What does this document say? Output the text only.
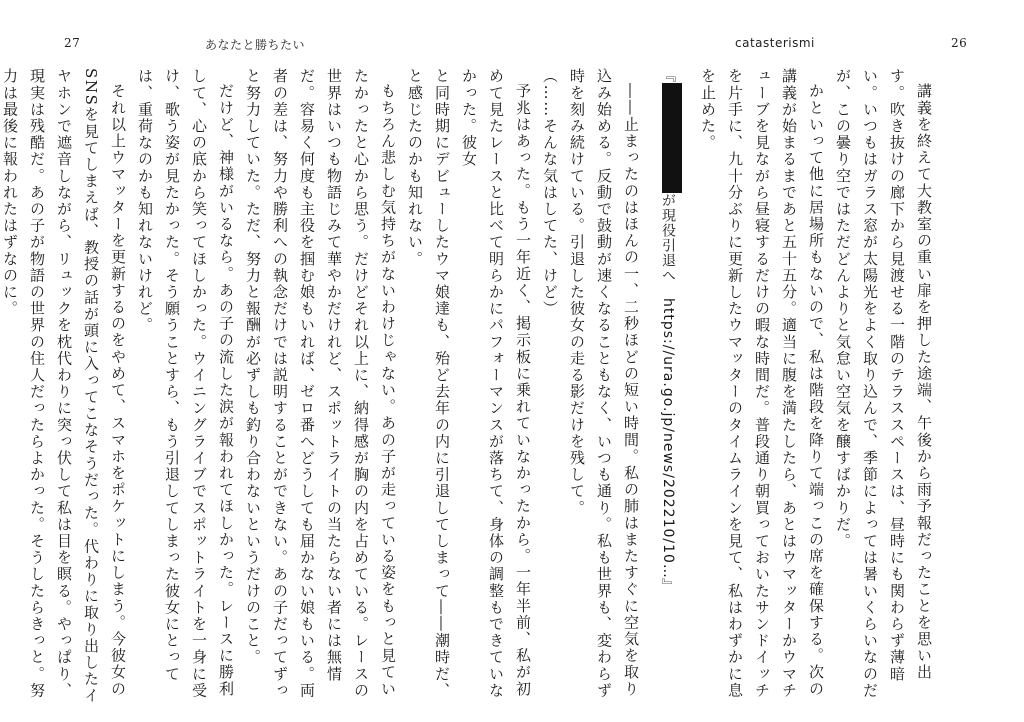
27	あなたと勝ちたい	catasterismi	26

講義を終えて大教室の重い扉を押した途端、午後から雨予報だったことを思い出す。吹き抜けの廊下から見渡せる一階のテラススペースは、昼時にも関わらず薄暗い。いつもはガラス窓が太陽光をよく取り込んで、季節によっては暑いくらいなのだが、この曇り空ではただどんよりと気怠い空気を醸すばかりだ。

かといって他に居場所もないので、私は階段を降りて端っこの席を確保する。次の講義が始まるまであと五十五分。適当に腹を満たしたら、あとはウマッターかウマチューブを見ながら昼寝するだけの暇な時間だ。普段通り朝買っておいたサンドイッチを片手に、九十分ぶりに更新したウマッターのタイムラインを見て、私はわずかに息を止めた。

『が現役引退へ　https://ura.go.jp/news/202210/10…』

――止まったのはほんの一、二秒ほどの短い時間。私の肺はまたすぐに空気を取り込み始める。反動で鼓動が速くなることもなく、いつも通り。私も世界も、変わらず時を刻み続けている。引退した彼女の走る影だけを残して。

（……そんな気はしてた、けど）

予兆はあった。もう一年近く、掲示板に乗れていなかったから。一年半前、私が初めて見たレースと比べて明らかにパフォーマンスが落ちて、身体の調整もできていなかった。彼女

と同時期にデビューしたウマ娘達も、殆ど去年の内に引退してしまって――潮時だ、と感じたのかも知れない。

もちろん悲しむ気持ちがないわけじゃない。あの子が走っている姿をもっと見ていたかったと心から思う。だけどそれ以上に、納得感が胸の内を占めている。レースの世界はいつも物語じみて華やかだけれど、スポットライトの当たらない者には無情だ。容易く何度も主役を掴む娘もいれば、ゼロ番へどうしても届かない娘もいる。両者の差は、努力や勝利への執念だけでは説明することができない。あの子だってずっと努力していた。ただ、努力と報酬が必ずしも釣り合わないというだけのこと。

だけど、神様がいるなら。あの子の流した涙が報われてほしかった。レースに勝利して、心の底から笑ってほしかった。ウイニングライブでスポットライトを一身に受け、歌う姿が見たかった。そう願うことすら、もう引退してしまった彼女にとっては、重荷なのかも知れないけれど。

それ以上ウマッターを更新するのをやめて、スマホをポケットにしまう。今彼女のSNSを見てしまえば、教授の話が頭に入ってこなそうだった。代わりに取り出したイヤホンで遮音しながら、リュックを枕代わりに突っ伏して私は目を瞑る。やっぱり、現実は残酷だ。あの子が物語の世界の住人だったらよかった。そうしたらきっと。努力は最後に報われたはずなのに。
